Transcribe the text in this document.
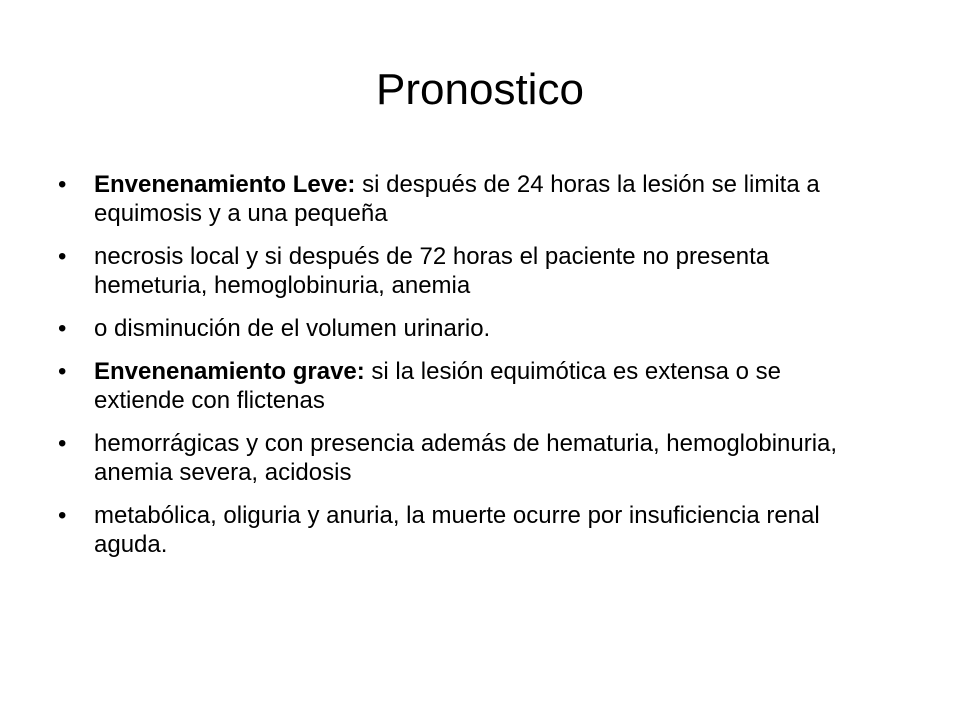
Pronostico
•	Envenenamiento Leve: si después de 24 horas la lesión se limita a equimosis y a una pequeña
•	necrosis local y si después de 72 horas el paciente no presenta hemeturia, hemoglobinuria, anemia
•	o disminución de el volumen urinario.
•	Envenenamiento grave: si la lesión equimótica es extensa o se extiende con flictenas
•	hemorrágicas y con presencia además de hematuria, hemoglobinuria, anemia severa, acidosis
•	metabólica, oliguria y anuria, la muerte ocurre por insuficiencia renal aguda.
